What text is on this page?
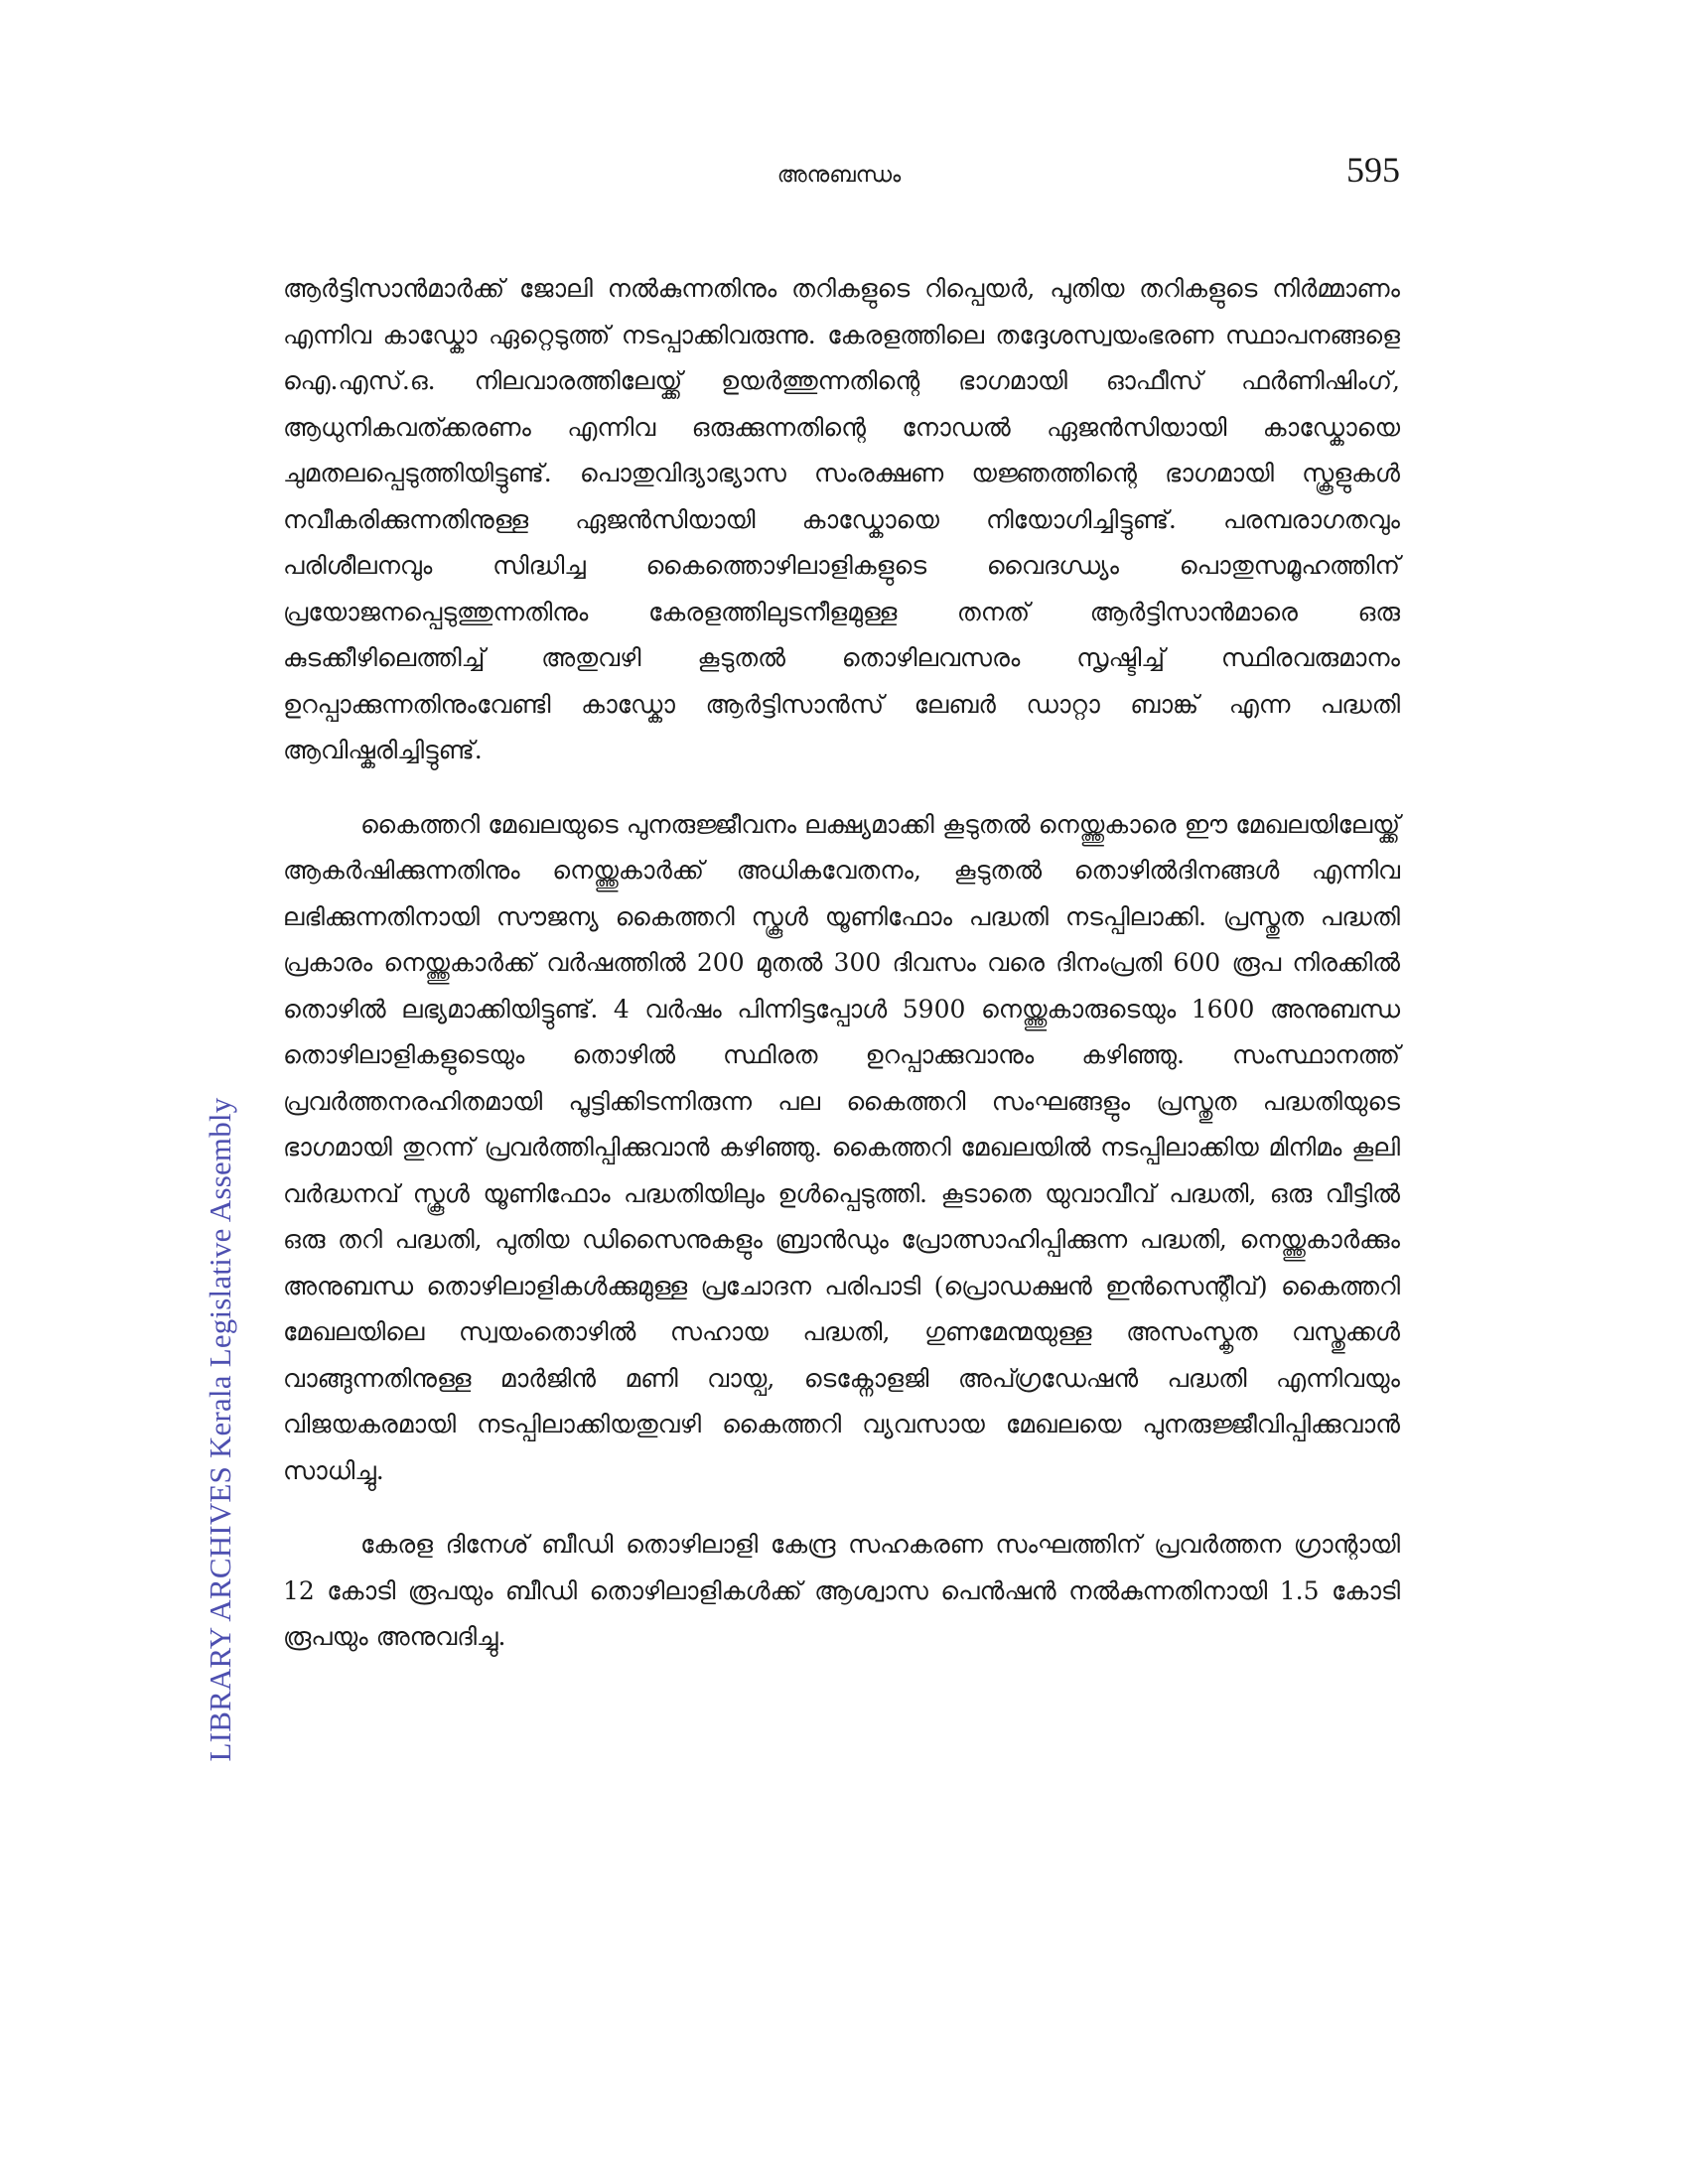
അനുബന്ധം	595
LIBRARY ARCHIVES Kerala Legislative Assembly

ആർട്ടിസാൻമാർക്ക് ജോലി നൽകുന്നതിനും തറികളുടെ റിപ്പെയർ, പുതിയ തറികളുടെ നിർമ്മാണം എന്നിവ കാഡ്കോ ഏറ്റെടുത്ത് നടപ്പാക്കിവരുന്നു. കേരളത്തിലെ തദ്ദേശസ്വയംഭരണ സ്ഥാപനങ്ങളെ ഐ.എസ്.ഒ. നിലവാരത്തിലേയ്ക്ക് ഉയർത്തുന്നതിന്റെ ഭാഗമായി ഓഫീസ് ഫർണിഷിംഗ്, ആധുനികവത്ക്കരണം എന്നിവ ഒരുക്കുന്നതിന്റെ നോഡൽ ഏജൻസിയായി കാഡ്കോയെ ചുമതലപ്പെടുത്തിയിട്ടുണ്ട്. പൊതുവിദ്യാഭ്യാസ സംരക്ഷണ യജ്ഞത്തിന്റെ ഭാഗമായി സ്കൂളുകൾ നവീകരിക്കുന്നതിനുള്ള ഏജൻസിയായി കാഡ്കോയെ നിയോഗിച്ചിട്ടുണ്ട്. പരമ്പരാഗതവും പരിശീലനവും സിദ്ധിച്ച കൈത്തൊഴിലാളികളുടെ വൈദഗ്ധ്യം പൊതുസമൂഹത്തിന് പ്രയോജനപ്പെടുത്തുന്നതിനും കേരളത്തിലുടനീളമുള്ള തനത് ആർട്ടിസാൻമാരെ ഒരു കുടക്കീഴിലെത്തിച്ച് അതുവഴി കൂടുതൽ തൊഴിലവസരം സൃഷ്ടിച്ച് സ്ഥിരവരുമാനം ഉറപ്പാക്കുന്നതിനുംവേണ്ടി കാഡ്കോ ആർട്ടിസാൻസ് ലേബർ ഡാറ്റാ ബാങ്ക് എന്ന പദ്ധതി ആവിഷ്കരിച്ചിട്ടുണ്ട്.

കൈത്തറി മേഖലയുടെ പുനരുജ്ജീവനം ലക്ഷ്യമാക്കി കൂടുതൽ നെയ്ത്തുകാരെ ഈ മേഖലയിലേയ്ക്ക് ആകർഷിക്കുന്നതിനും നെയ്ത്തുകാർക്ക് അധികവേതനം, കൂടുതൽ തൊഴിൽദിനങ്ങൾ എന്നിവ ലഭിക്കുന്നതിനായി സൗജന്യ കൈത്തറി സ്കൂൾ യൂണിഫോം പദ്ധതി നടപ്പിലാക്കി. പ്രസ്തുത പദ്ധതി പ്രകാരം നെയ്ത്തുകാർക്ക് വർഷത്തിൽ 200 മുതൽ 300 ദിവസം വരെ ദിനംപ്രതി 600 രൂപ നിരക്കിൽ തൊഴിൽ ലഭ്യമാക്കിയിട്ടുണ്ട്. 4 വർഷം പിന്നിട്ടപ്പോൾ 5900 നെയ്ത്തുകാരുടെയും 1600 അനുബന്ധ തൊഴിലാളികളുടെയും തൊഴിൽ സ്ഥിരത ഉറപ്പാക്കുവാനും കഴിഞ്ഞു. സംസ്ഥാനത്ത് പ്രവർത്തനരഹിതമായി പൂട്ടിക്കിടന്നിരുന്ന പല കൈത്തറി സംഘങ്ങളും പ്രസ്തുത പദ്ധതിയുടെ ഭാഗമായി തുറന്ന് പ്രവർത്തിപ്പിക്കുവാൻ കഴിഞ്ഞു. കൈത്തറി മേഖലയിൽ നടപ്പിലാക്കിയ മിനിമം കൂലി വർദ്ധനവ് സ്കൂൾ യൂണിഫോം പദ്ധതിയിലും ഉൾപ്പെടുത്തി. കൂടാതെ യുവാവീവ് പദ്ധതി, ഒരു വീട്ടിൽ ഒരു തറി പദ്ധതി, പുതിയ ഡിസൈനുകളും ബ്രാൻഡും പ്രോത്സാഹിപ്പിക്കുന്ന പദ്ധതി, നെയ്ത്തുകാർക്കും അനുബന്ധ തൊഴിലാളികൾക്കുമുള്ള പ്രചോദന പരിപാടി (പ്രൊഡക്ഷൻ ഇൻസെന്റീവ്) കൈത്തറി മേഖലയിലെ സ്വയംതൊഴിൽ സഹായ പദ്ധതി, ഗുണമേന്മയുള്ള അസംസ്കൃത വസ്തുക്കൾ വാങ്ങുന്നതിനുള്ള മാർജിൻ മണി വായ്പ, ടെക്നോളജി അപ്ഗ്രഡേഷൻ പദ്ധതി എന്നിവയും വിജയകരമായി നടപ്പിലാക്കിയതുവഴി കൈത്തറി വ്യവസായ മേഖലയെ പുനരുജ്ജീവിപ്പിക്കുവാൻ സാധിച്ചു.

കേരള ദിനേശ് ബീഡി തൊഴിലാളി കേന്ദ്ര സഹകരണ സംഘത്തിന് പ്രവർത്തന ഗ്രാന്റായി 12 കോടി രൂപയും ബീഡി തൊഴിലാളികൾക്ക് ആശ്വാസ പെൻഷൻ നൽകുന്നതിനായി 1.5 കോടി രൂപയും അനുവദിച്ചു.
